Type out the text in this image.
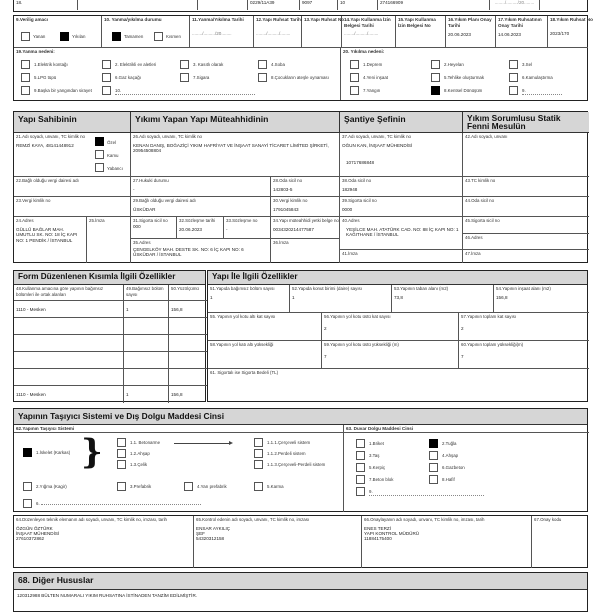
18.	0229/11A39	9097	10	274166909	......../........./20........
9.Verilig amacı
Yanan	Yıkılan
10. Yanma/yıkılma durumu
Tamamen	Kısmen
11.Yanma/Yıkılma Tarihi
......../........./20........
12.Yapı Ruhsat Tarihi
......../........./........
13.Yapı Ruhsat No 14.Yapı Kullanma İzin Belgesi Tarihi
......../........./........
15.Yapı Kullanma İzin Belgesi No
16.Yıkım Planı Onay Tarihi
20.06.2023
17.Yıkım Ruhsatının Onay Tarihi
14.06.2023
18.Yıkım Ruhsat No
2023/170
19.Yanma nedeni:
1.Elektrik kontağı	2. Elektrikli ev aletleri	3. Kasıtlı olarak	4.Soba
5.LPG tüpü	6.Gaz kaçağı	7.Sigara	8.Çocukların ateşle oynaması
9.Başka bir yangından sirayet	10.
20. Yıkılma nedeni:
1.Deprem	2.Heyelan	3.Sel
4.Yeni inşaat	5.Tehlike oluşturmak	6.Kamulaştırma
7.Yangın	8.Kentsel Dönüşüm	9.
Yapı Sahibinin	Yıkımı Yapan Yapı Müteahhidinin	Şantiye Şefinin	Yıkım Sorumlusu Statik Fenni Mesulün
21.Adı soyadı, unvanı, TC kimlik no
REMZİ KAYA, 48141448912	Özel
Kamu
Yabancı
22.Bağlı olduğu vergi dairesi adı
23.Vergi kimlik no
24.Adres
GÜLLÜ BAĞLAR MAH.
UMUTLU SK. NO: 18 İÇ KAPI
NO: 1 PENDİK / İSTANBUL
25.İmza
26.Adı soyadı, unvanı, TC kimlik no
KENAN DANIŞ, BOĞAZİÇİ YIKIM HAFRİYAT VE İNŞAAT SANAYİ TİCARET LİMİTED ŞİRKETİ,
2095450880​4
27.Hukuki durumu
-
28.Oda sicil no
142803-5
29.Bağlı olduğu vergi dairesi adı
ÜSKÜDAR
30.Vergi kimlik no
1791045843
31.Sigorta sicil no
000
32.Sözleşme tarihi
20.06.2023
33.Sözleşme no
-
34.Yapı müteahhidi yetki belge no
0034320214477587
35.Adres
ÇENGELKÖY MAH. DESTE SK. NO: 6 İÇ KAPI NO: 6
ÜSKÜDAR / İSTANBUL
36.İmza
37.Adı soyadı, unvanı, TC kimlik no
OĞUN KAN, İNŞAAT MÜHENDİSİ
10717686848
38.Oda sicil no
182948
39.Sigorta sicil no
0000
40.Adres
YEŞİLCE MAH. ATATÜRK CAD. NO: 88 İÇ KAPI NO: 1
KAĞITHANE / İSTANBUL
41.İmza
42.Adı soyadı, unvanı
43.TC kimlik no
44.Oda sicil no
45.Sigorta sicil no
46.Adres
47.İmza
Form Düzenlenen Kısımla İlgili Özellikler
48.Kullanma amacına göre yapının bağımsız bölümleri ile ortak alanları
49.Bağımsız bölüm sayısı
50.Yüzölçümü
1110 - Mesken	1	156,8
1110 - Mesken	1	156,8
Yapı İle İlgili Özellikler
51.Yapıda bağımsız bölüm sayısı
1
52.Yapıda konut birimi (daire) sayısı
1
53.Yapının taban alanı (m2)
73,8
54.Yapının inşaat alanı (m2)
156,8
55. Yapının yol kotu altı kat sayısı	56.Yapının yol kotu üstü kat sayısı
2
57.Yapının toplam kat sayısı
2
58.Yapının yol katı altı yüksekliği	59.Yapının yol kotu üstü yüksekliği (m)
7
60.Yapının toplam yüksekliği(m)
7
61. Sigortalı ise Sigorta Bedeli (TL)
Yapının Taşıyıcı Sistemi ve Dış Dolgu Maddesi Cinsi
62.Yapının Taşıyıcı Sistemi	63. Duvar Dolgu Maddesi Cinsi
1.İskelet (Karkas) }	1.1. Betonarme
1.2.Ahşap
1.3.Çelik
1.1.1.Çerçeveli sistem
1.1.2.Perdeli sistem
1.1.3.Çerçeveli-Perdeli sistem
2.Yığma (Kagir)	3.Prefabrik	4.Yarı prefabrik	5.Karma
6.
1.Briket	2.Tuğla
3.Taş	4.Ahşap
5.Kerpiç	6.Gazbeton
7.Beton blok	8.Hafif
9.
64.Düzenleyen teknik elemanın adı soyadı, unvanı, TC kimlik no, imzası, tarih
ÖZGÜN ÖZTÜRK
İNŞAAT MÜHENDİSİ
27610372862
65.Kontrol edenin adı soyadı, unvanı, TC kimlik no, imzası
ENSAR AYKILIÇ
ŞEF
54320312158
66.Onaylayanın adı soyadı, unvanı, TC kimlik no, imzası, tarih
ENES TERZİ
YAPI KONTROL MÜDÜRÜ
11884175400
67.Onay kodu
68. Diğer Hususlar
120312988 BÜLTEN NUMARALI YIKIM RUHSATINA İSTİNADEN TANZİM EDİLMİŞTİR.
